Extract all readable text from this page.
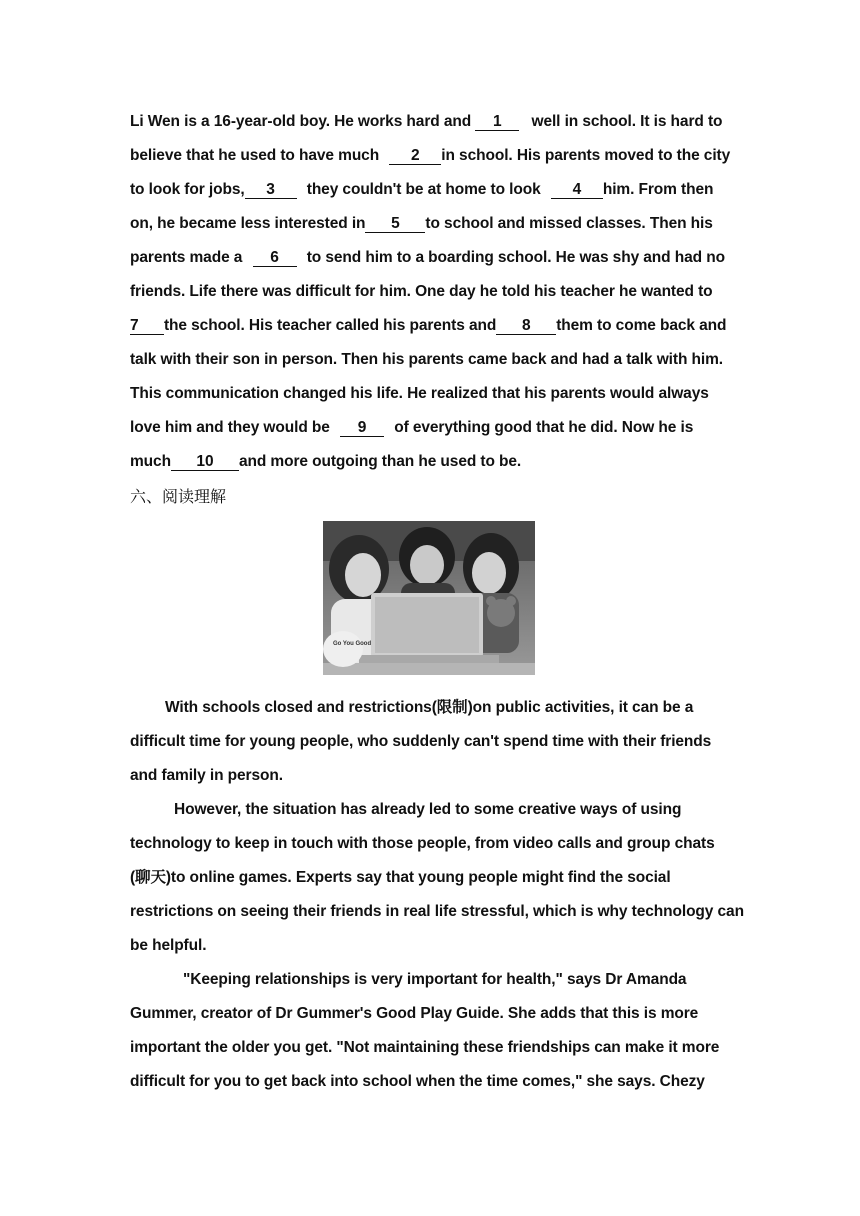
Li Wen is a 16-year-old boy. He works hard and 1 well in school. It is hard to
believe that he used to have much 2 in school. His parents moved to the city
to look for jobs, 3 they couldn't be at home to look 4 him. From then
on, he became less interested in 5 to school and missed classes. Then his
parents made a 6 to send him to a boarding school. He was shy and had no
friends. Life there was difficult for him. One day he told his teacher he wanted to
7 the school. His teacher called his parents and 8 them to come back and
talk with their son in person. Then his parents came back and had a talk with him.
This communication changed his life. He realized that his parents would always
love him and they would be 9 of everything good that he did. Now he is
much 10 and more outgoing than he used to be.
六、阅读理解
Go You Good
With schools closed and restrictions(限制)on public activities, it can be a
difficult time for young people, who suddenly can't spend time with their friends
and family in person.
However, the situation has already led to some creative ways of using
technology to keep in touch with those people, from video calls and group chats
(聊天)to online games. Experts say that young people might find the social
restrictions on seeing their friends in real life stressful, which is why technology can
be helpful.
"Keeping relationships is very important for health," says Dr Amanda
Gummer, creator of Dr Gummer's Good Play Guide. She adds that this is more
important the older you get. "Not maintaining these friendships can make it more
difficult for you to get back into school when the time comes," she says. Chezy
